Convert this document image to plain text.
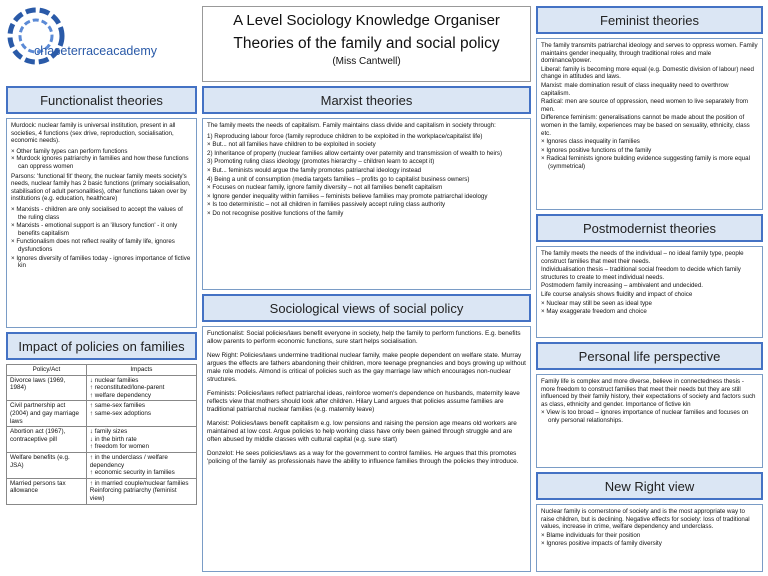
chaseterraceacademy
A Level Sociology Knowledge Organiser
Theories of the family and social policy
(Miss Cantwell)
Functionalist theories

Murdock: nuclear family is universal institution, present in all societies, 4 functions (sex drive, reproduction, socialisation, economic needs).

× Other family types can perform functions
× Murdock ignores patriarchy in families and how these functions can oppress women

Parsons: 'functional fit' theory, the nuclear family meets society's needs, nuclear family has 2 basic functions (primary socialisation, stabilisation of adult personalities), other functions taken over by institutions (e.g. education, healthcare)

× Marxists - children are only socialised to accept the values of the ruling class
× Marxists - emotional support is an 'illusory function' - it only benefits capitalism
× Functionalism does not reflect reality of family life, ignores dysfunctions
× Ignores diversity of families today - ignores importance of fictive kin
Impact of policies on families
Policy/Act	Impacts
Divorce laws (1969, 1984)	↓ nuclear families
↑ reconstituted/lone-parent
↑ welfare dependency

Civil partnership act (2004) and gay marriage laws	↑ same-sex families
↑ same-sex adoptions

Abortion act (1967), contraceptive pill	↓ family sizes
↓ in the birth rate
↑ freedom for women

Welfare benefits (e.g. JSA)	↑ in the underclass / welfare dependency
↑ economic security in families

Married persons tax allowance	↑ in married couple/nuclear families
Reinforcing patriarchy (feminist view)
Marxist theories

The family meets the needs of capitalism. Family maintains class divide and capitalism in society through:

1) Reproducing labour force (family reproduce children to be exploited in the workplace/capitalist life)
× But... not all families have children to be exploited in society
2) Inheritance of property (nuclear families allow certainty over paternity and transmission of wealth to heirs)
3) Promoting ruling class ideology (promotes hierarchy – children learn to accept it)
× But... feminists would argue the family promotes patriarchal ideology instead
4) Being a unit of consumption (media targets families – profits go to capitalist business owners)
× Focuses on nuclear family, ignore family diversity – not all families benefit capitalism
× Ignore gender inequality within families – feminists believe families may promote patriarchal ideology
× Is too deterministic – not all children in families passively accept ruling class authority
× Do not recognise positive functions of the family
Sociological views of social policy

Functionalist: Social policies/laws benefit everyone in society, help the family to perform functions. E.g. benefits allow parents to perform economic functions, sure start helps socialisation.

New Right: Policies/laws undermine traditional nuclear family, make people dependent on welfare state. Murray argues the effects are fathers abandoning their children, more teenage pregnancies and boys growing up without male role models. Almond is critical of policies such as the gay marriage law which encourages non-nuclear structures.

Feminists: Policies/laws reflect patriarchal ideas, reinforce women's dependence on husbands, maternity leave reflects view that mothers should look after children. Hilary Land argues that policies assume families are traditional patriarchal nuclear families (e.g. maternity leave)

Marxist: Policies/laws benefit capitalism e.g. low pensions and raising the pension age means old workers are maintained at low cost. Argue policies to help working class have only been gained through struggle and are often abused by middle classes with cultural capital (e.g. sure start)

Donzelot: He sees policies/laws as a way for the government to control families. He argues that this promotes 'policing of the family' as professionals have the ability to influence families through the policies they introduce.

Feminist theories
The family transmits patriarchal ideology and serves to oppress women. Family maintains gender inequality, through traditional roles and male dominance/power.
Liberal: family is becoming more equal (e.g. Domestic division of labour) need change in attitudes and laws.
Marxist: male domination result of class inequality need to overthrow capitalism.
Radical: men are source of oppression, need women to live separately from men.
Difference feminism: generalisations cannot be made about the position of women in the family, experiences may be based on sexuality, ethnicity, class etc.
× Ignores class inequality in families
× Ignores positive functions of the family
× Radical feminists ignore building evidence suggesting family is more equal (symmetrical)
Postmodernist theories
The family meets the needs of the individual – no ideal family type, people construct families that meet their needs.
Individualisation thesis – traditional social freedom to decide which family structures to create to meet individual needs.
Postmodern family increasing – ambivalent and undecided.
Life course analysis shows fluidity and impact of choice
× Nuclear may still be seen as ideal type
× May exaggerate freedom and choice
Personal life perspective
Family life is complex and more diverse, believe in connectedness thesis - more freedom to construct families that meet their needs but they are still influenced by their family history, their expectations of society and factors such as class, ethnicity and gender. Importance of fictive kin
× View is too broad – ignores importance of nuclear families and focuses on only personal relationships.
New Right view
Nuclear family is cornerstone of society and is the most appropriate way to raise children, but is declining. Negative effects for society: loss of traditional values, increase in crime, welfare dependency and underclass.
× Blame individuals for their position
× Ignores positive impacts of family diversity
